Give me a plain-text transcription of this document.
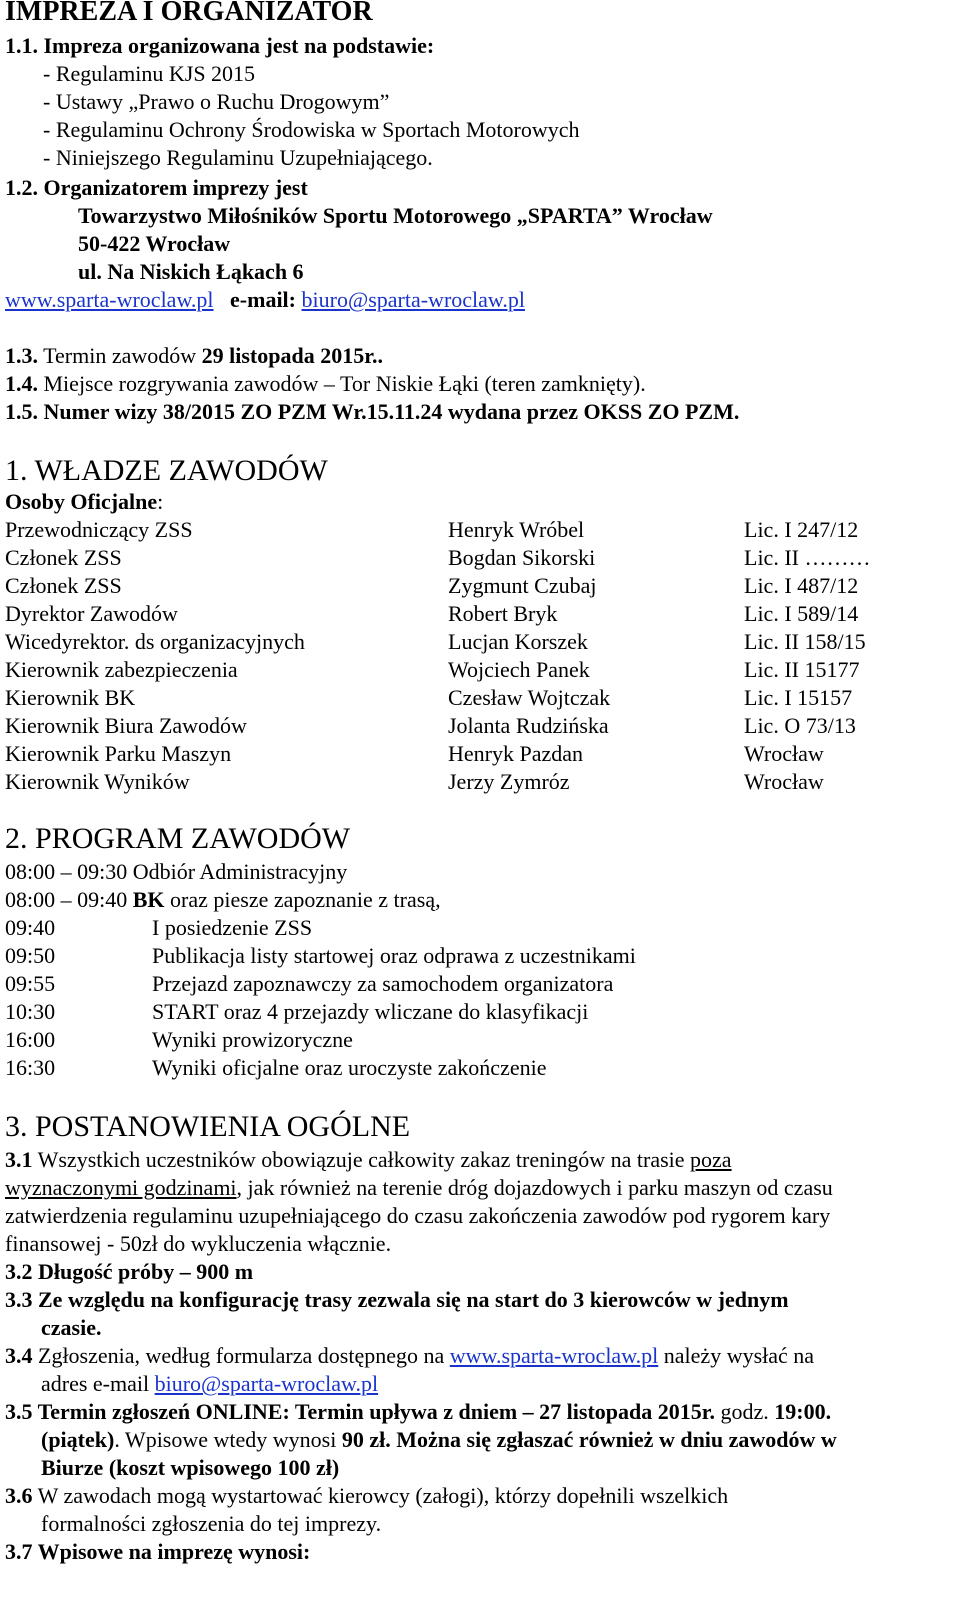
IMPREZA I ORGANIZATOR
1.1. Impreza organizowana jest na podstawie:
- Regulaminu KJS 2015
- Ustawy „Prawo o Ruchu Drogowym”
- Regulaminu Ochrony Środowiska w Sportach Motorowych
- Niniejszego Regulaminu Uzupełniającego.
1.2. Organizatorem imprezy jest
Towarzystwo Miłośników Sportu Motorowego „SPARTA” Wrocław
50-422 Wrocław
ul. Na Niskich Łąkach 6
www.sparta-wroclaw.pl e-mail: biuro@sparta-wroclaw.pl
1.3. Termin zawodów 29 listopada 2015r..
1.4. Miejsce rozgrywania zawodów – Tor Niskie Łąki (teren zamknięty).
1.5. Numer wizy 38/2015 ZO PZM Wr.15.11.24 wydana przez OKSS ZO PZM.
1. WŁADZE ZAWODÓW
Osoby Oficjalne:
Przewodniczący ZSS	Henryk Wróbel	Lic. I 247/12
Członek ZSS	Bogdan Sikorski	Lic. II ………
Członek ZSS	Zygmunt Czubaj	Lic. I 487/12
Dyrektor Zawodów	Robert Bryk	Lic. I 589/14
Wicedyrektor. ds organizacyjnych	Lucjan Korszek	Lic. II 158/15
Kierownik zabezpieczenia	Wojciech Panek	Lic. II 15177
Kierownik BK	Czesław Wojtczak	Lic. I 15157
Kierownik Biura Zawodów	Jolanta Rudzińska	Lic. O 73/13
Kierownik Parku Maszyn	Henryk Pazdan	Wrocław
Kierownik Wyników	Jerzy Zymróz	Wrocław
2. PROGRAM ZAWODÓW
08:00 – 09:30 Odbiór Administracyjny
08:00 – 09:40 BK oraz piesze zapoznanie z trasą,
09:40	I posiedzenie ZSS
09:50	Publikacja listy startowej oraz odprawa z uczestnikami
09:55	Przejazd zapoznawczy za samochodem organizatora
10:30	START oraz 4 przejazdy wliczane do klasyfikacji
16:00	Wyniki prowizoryczne
16:30	Wyniki oficjalne oraz uroczyste zakończenie
3. POSTANOWIENIA OGÓLNE
3.1 Wszystkich uczestników obowiązuje całkowity zakaz treningów na trasie poza
wyznaczonymi godzinami, jak również na terenie dróg dojazdowych i parku maszyn od czasu
zatwierdzenia regulaminu uzupełniającego do czasu zakończenia zawodów pod rygorem kary
finansowej - 50zł do wykluczenia włącznie.
3.2 Długość próby – 900 m
3.3 Ze względu na konfigurację trasy zezwala się na start do 3 kierowców w jednym
czasie.
3.4 Zgłoszenia, według formularza dostępnego na www.sparta-wroclaw.pl należy wysłać na
adres e-mail biuro@sparta-wroclaw.pl
3.5 Termin zgłoszeń ONLINE: Termin upływa z dniem – 27 listopada 2015r. godz. 19:00.
(piątek). Wpisowe wtedy wynosi 90 zł. Można się zgłaszać również w dniu zawodów w
Biurze (koszt wpisowego 100 zł)
3.6 W zawodach mogą wystartować kierowcy (załogi), którzy dopełnili wszelkich
formalności zgłoszenia do tej imprezy.
3.7 Wpisowe na imprezę wynosi:
